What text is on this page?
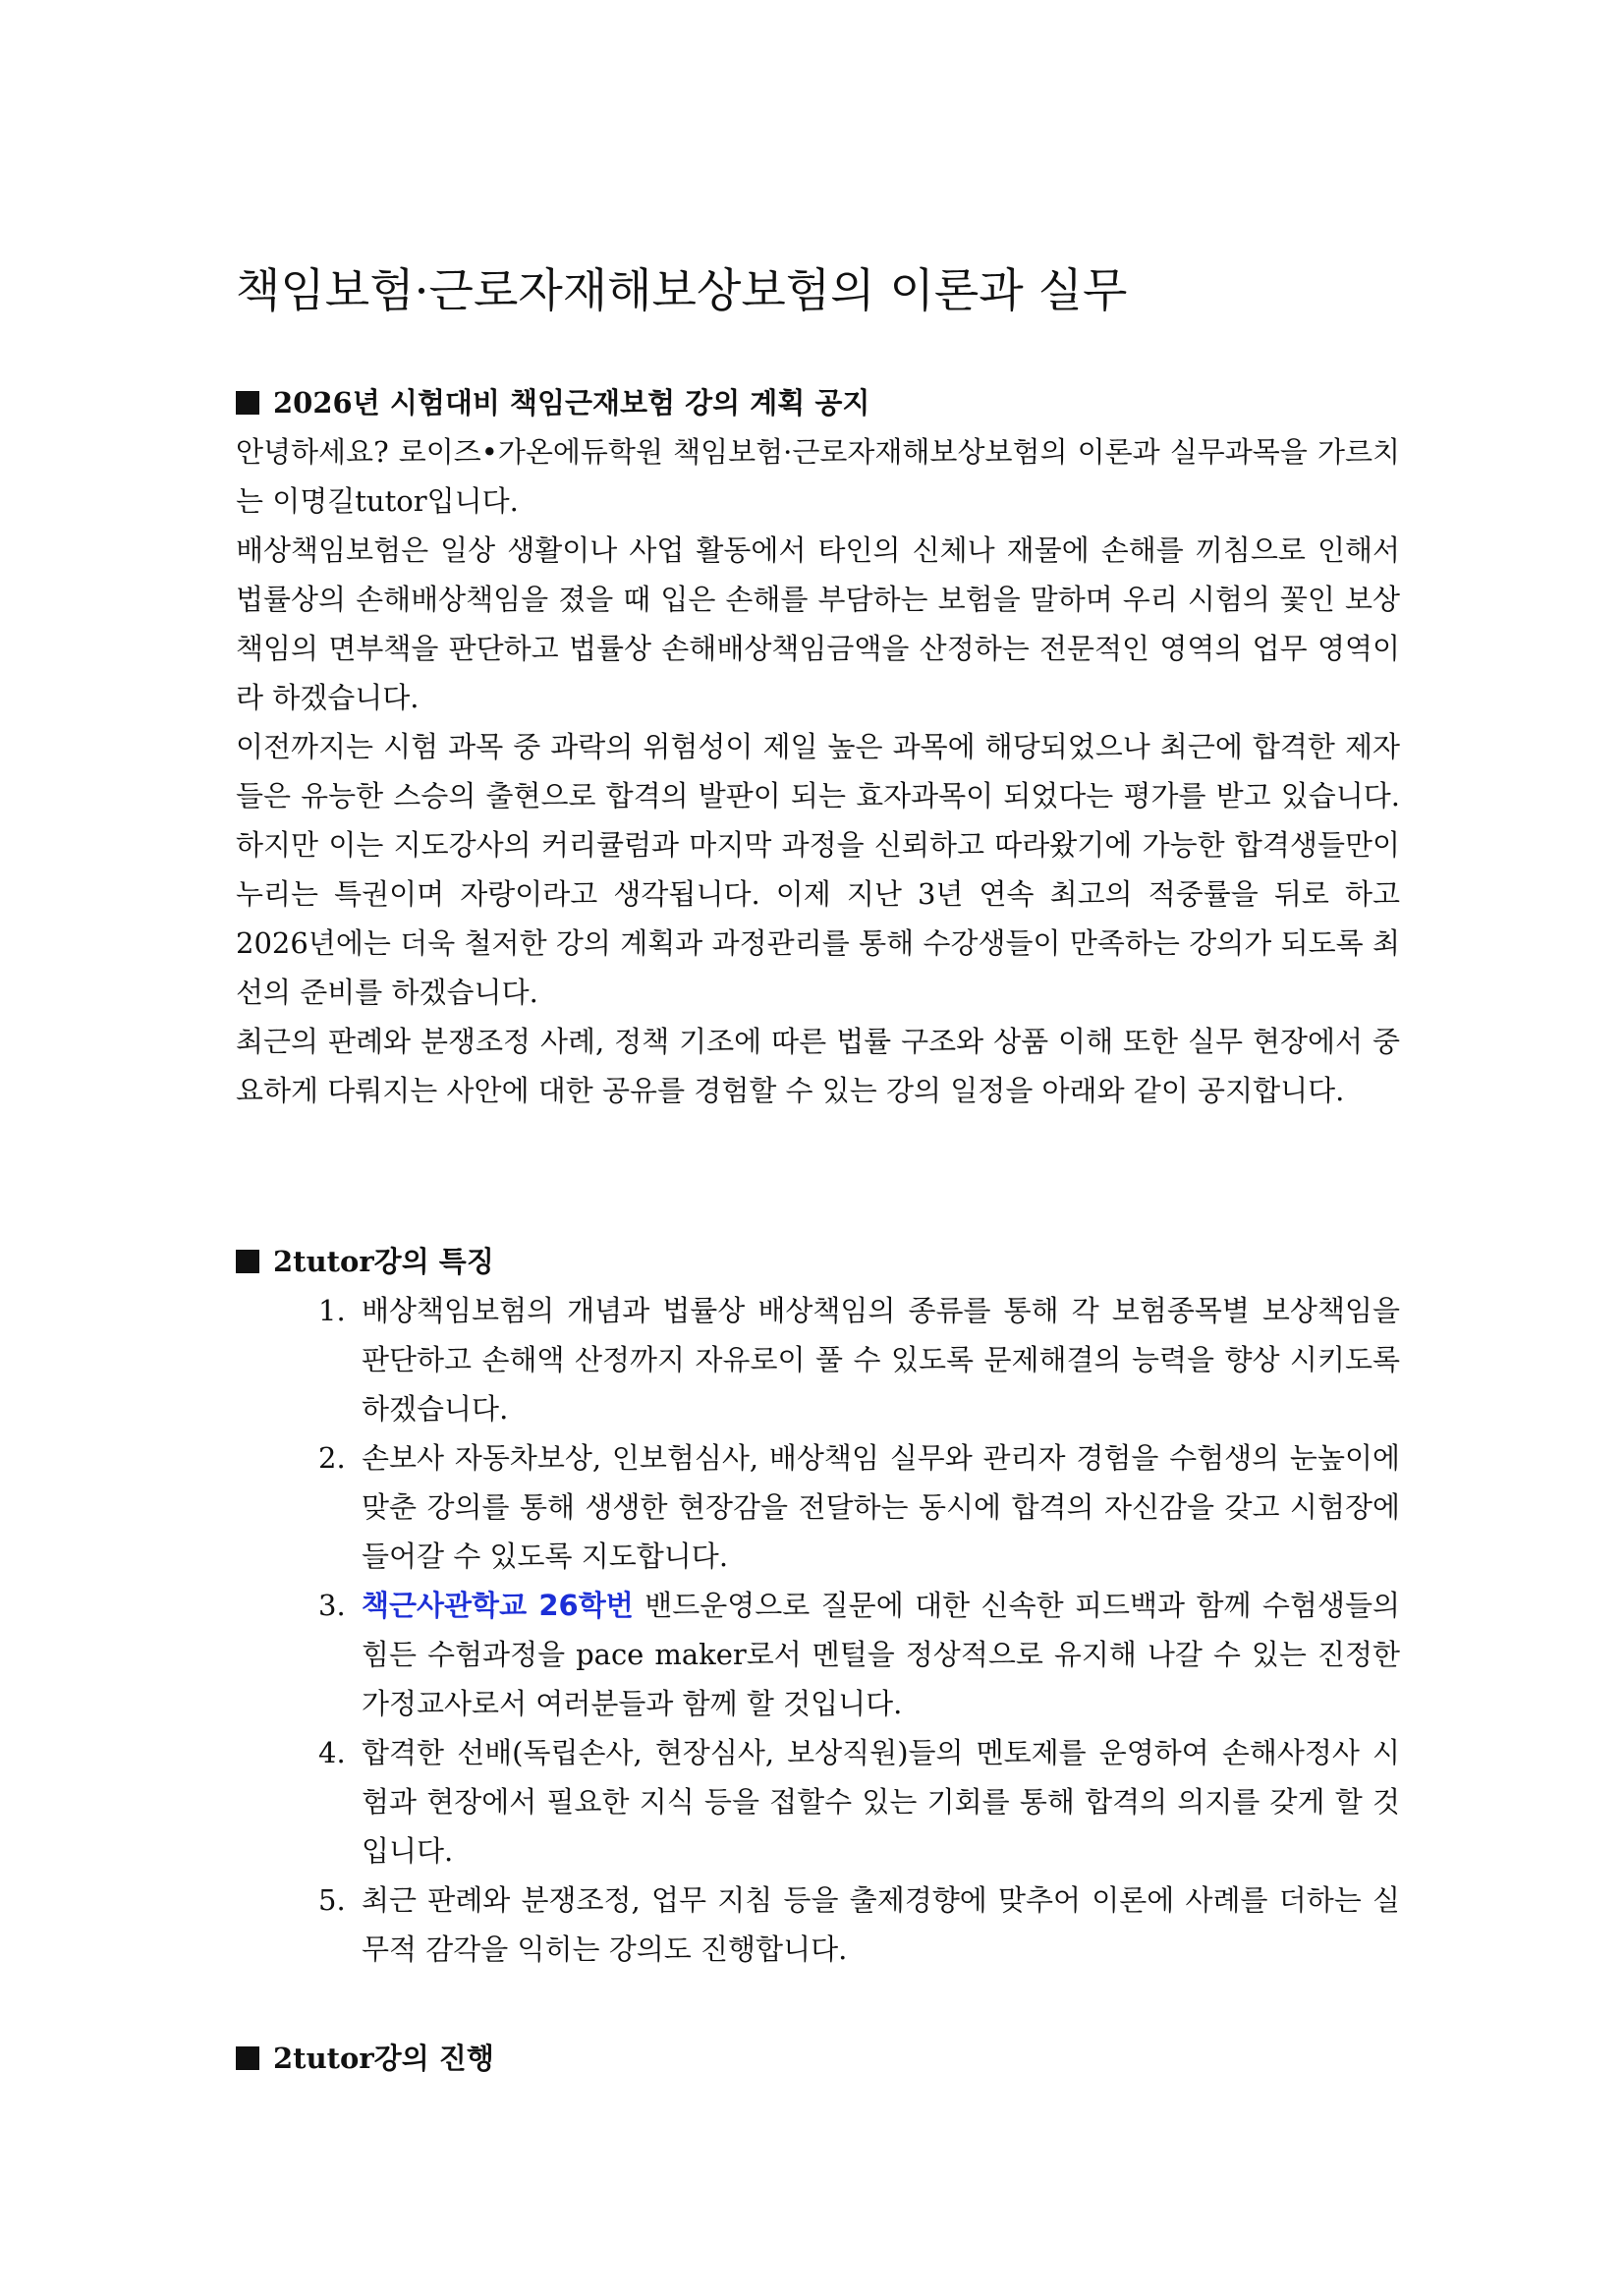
책임보험·근로자재해보상보험의 이론과 실무
2026년 시험대비 책임근재보험 강의 계획 공지

안녕하세요? 로이즈•가온에듀학원 책임보험·근로자재해보상보험의 이론과 실무과목을 가르치는 이명길tutor입니다.

배상책임보험은 일상 생활이나 사업 활동에서 타인의 신체나 재물에 손해를 끼침으로 인해서 법률상의 손해배상책임을 졌을 때 입은 손해를 부담하는 보험을 말하며 우리 시험의 꽃인 보상책임의 면부책을 판단하고 법률상 손해배상책임금액을 산정하는 전문적인 영역의 업무 영역이라 하겠습니다.

이전까지는 시험 과목 중 과락의 위험성이 제일 높은 과목에 해당되었으나 최근에 합격한 제자들은 유능한 스승의 출현으로 합격의 발판이 되는 효자과목이 되었다는 평가를 받고 있습니다. 하지만 이는 지도강사의 커리큘럼과 마지막 과정을 신뢰하고 따라왔기에 가능한 합격생들만이 누리는 특권이며 자랑이라고 생각됩니다. 이제 지난 3년 연속 최고의 적중률을 뒤로 하고 2026년에는 더욱 철저한 강의 계획과 과정관리를 통해 수강생들이 만족하는 강의가 되도록 최선의 준비를 하겠습니다.

최근의 판례와 분쟁조정 사례, 정책 기조에 따른 법률 구조와 상품 이해 또한 실무 현장에서 중요하게 다뤄지는 사안에 대한 공유를 경험할 수 있는 강의 일정을 아래와 같이 공지합니다.

2tutor강의 특징
1. 배상책임보험의 개념과 법률상 배상책임의 종류를 통해 각 보험종목별 보상책임을 판단하고 손해액 산정까지 자유로이 풀 수 있도록 문제해결의 능력을 향상 시키도록 하겠습니다.
2. 손보사 자동차보상, 인보험심사, 배상책임 실무와 관리자 경험을 수험생의 눈높이에 맞춘 강의를 통해 생생한 현장감을 전달하는 동시에 합격의 자신감을 갖고 시험장에 들어갈 수 있도록 지도합니다.
3. 책근사관학교 26학번 밴드운영으로 질문에 대한 신속한 피드백과 함께 수험생들의 힘든 수험과정을 pace maker로서 멘털을 정상적으로 유지해 나갈 수 있는 진정한 가정교사로서 여러분들과 함께 할 것입니다.
4. 합격한 선배(독립손사, 현장심사, 보상직원)들의 멘토제를 운영하여 손해사정사 시험과 현장에서 필요한 지식 등을 접할수 있는 기회를 통해 합격의 의지를 갖게 할 것입니다.
5. 최근 판례와 분쟁조정, 업무 지침 등을 출제경향에 맞추어 이론에 사례를 더하는 실무적 감각을 익히는 강의도 진행합니다.
2tutor강의 진행
